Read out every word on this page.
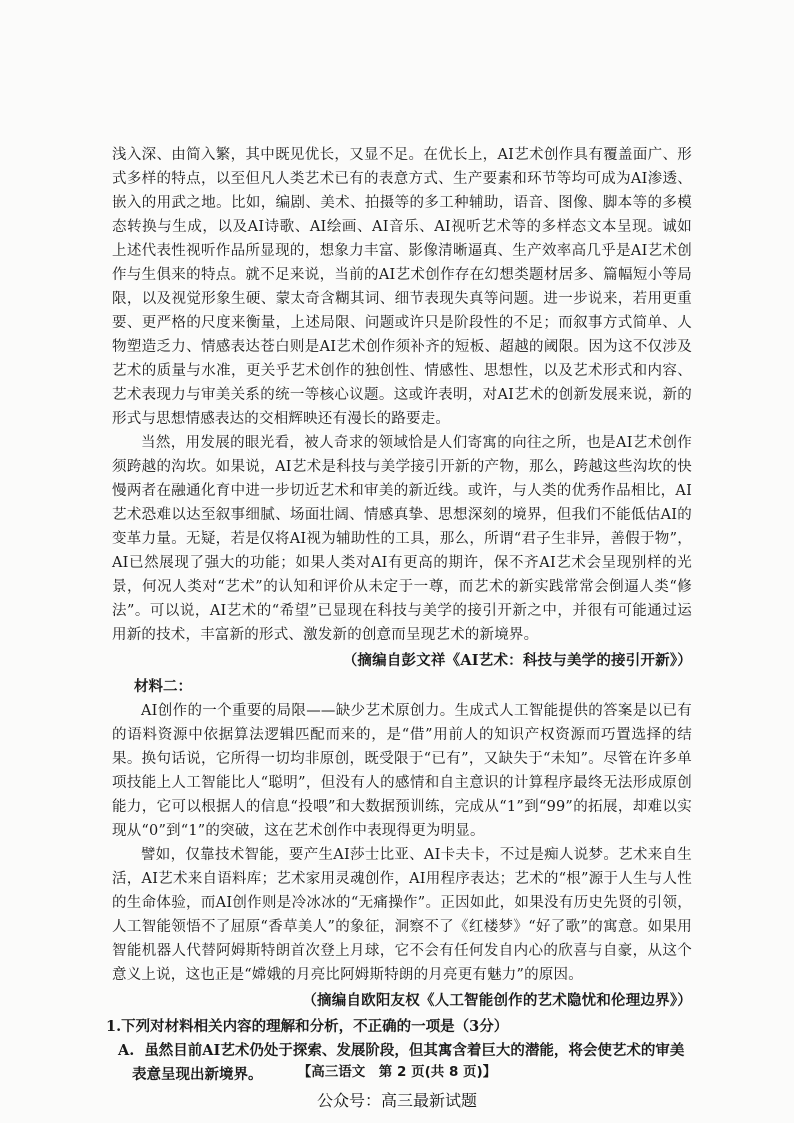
浅入深、由简入繁，其中既见优长，又显不足。在优长上，AI艺术创作具有覆盖面广、形式多样的特点，以至但凡人类艺术已有的表意方式、生产要素和环节等均可成为AI渗透、嵌入的用武之地。比如，编剧、美术、拍摄等的多工种辅助，语音、图像、脚本等的多模态转换与生成，以及AI诗歌、AI绘画、AI音乐、AI视听艺术等的多样态文本呈现。诚如上述代表性视听作品所显现的，想象力丰富、影像清晰逼真、生产效率高几乎是AI艺术创作与生俱来的特点。就不足来说，当前的AI艺术创作存在幻想类题材居多、篇幅短小等局限，以及视觉形象生硬、蒙太奇含糊其词、细节表现失真等问题。进一步说来，若用更重要、更严格的尺度来衡量，上述局限、问题或许只是阶段性的不足；而叙事方式简单、人物塑造乏力、情感表达苍白则是AI艺术创作须补齐的短板、超越的阈限。因为这不仅涉及艺术的质量与水准，更关乎艺术创作的独创性、情感性、思想性，以及艺术形式和内容、艺术表现力与审美关系的统一等核心议题。这或许表明，对AI艺术的创新发展来说，新的形式与思想情感表达的交相辉映还有漫长的路要走。

当然，用发展的眼光看，被人奇求的领域恰是人们寄寓的向往之所，也是AI艺术创作须跨越的沟坎。如果说，AI艺术是科技与美学接引开新的产物，那么，跨越这些沟坎的快慢两者在融通化育中进一步切近艺术和审美的新近线。或许，与人类的优秀作品相比，AI艺术恐难以达至叙事细腻、场面壮阔、情感真挚、思想深刻的境界，但我们不能低估AI的变革力量。无疑，若是仅将AI视为辅助性的工具，那么，所谓“君子生非异，善假于物”，AI已然展现了强大的功能；如果人类对AI有更高的期许，保不齐AI艺术会呈现别样的光景，何况人类对“艺术”的认知和评价从未定于一尊，而艺术的新实践常常会倒逼人类“修法”。可以说，AI艺术的“希望”已显现在科技与美学的接引开新之中，并很有可能通过运用新的技术，丰富新的形式、激发新的创意而呈现艺术的新境界。

（摘编自彭文祥《AI艺术：科技与美学的接引开新》）

材料二：

AI创作的一个重要的局限——缺少艺术原创力。生成式人工智能提供的答案是以已有的语料资源中依据算法逻辑匹配而来的，是“借”用前人的知识产权资源而巧置选择的结果。换句话说，它所得一切均非原创，既受限于“已有”，又缺失于“未知”。尽管在许多单项技能上人工智能比人“聪明”，但没有人的感情和自主意识的计算程序最终无法形成原创能力，它可以根据人的信息“投喂”和大数据预训练，完成从“1”到“99”的拓展，却难以实现从“0”到“1”的突破，这在艺术创作中表现得更为明显。

譬如，仅靠技术智能，要产生AI莎士比亚、AI卡夫卡，不过是痴人说梦。艺术来自生活，AI艺术来自语料库；艺术家用灵魂创作，AI用程序表达；艺术的“根”源于人生与人性的生命体验，而AI创作则是冷冰冰的“无痛操作”。正因如此，如果没有历史先贤的引领，人工智能领悟不了屈原“香草美人”的象征，洞察不了《红楼梦》“好了歌”的寓意。如果用智能机器人代替阿姆斯特朗首次登上月球，它不会有任何发自内心的欣喜与自豪，从这个意义上说，这也正是“嫦娥的月亮比阿姆斯特朗的月亮更有魅力”的原因。

（摘编自欧阳友权《人工智能创作的艺术隐忧和伦理边界》）

1.下列对材料相关内容的理解和分析，不正确的一项是（3分）

A. 虽然目前AI艺术仍处于探索、发展阶段，但其寓含着巨大的潜能，将会使艺术的审美表意呈现出新境界。	【高三语文　第 2 页(共 8 页)】
公众号：高三最新试题
